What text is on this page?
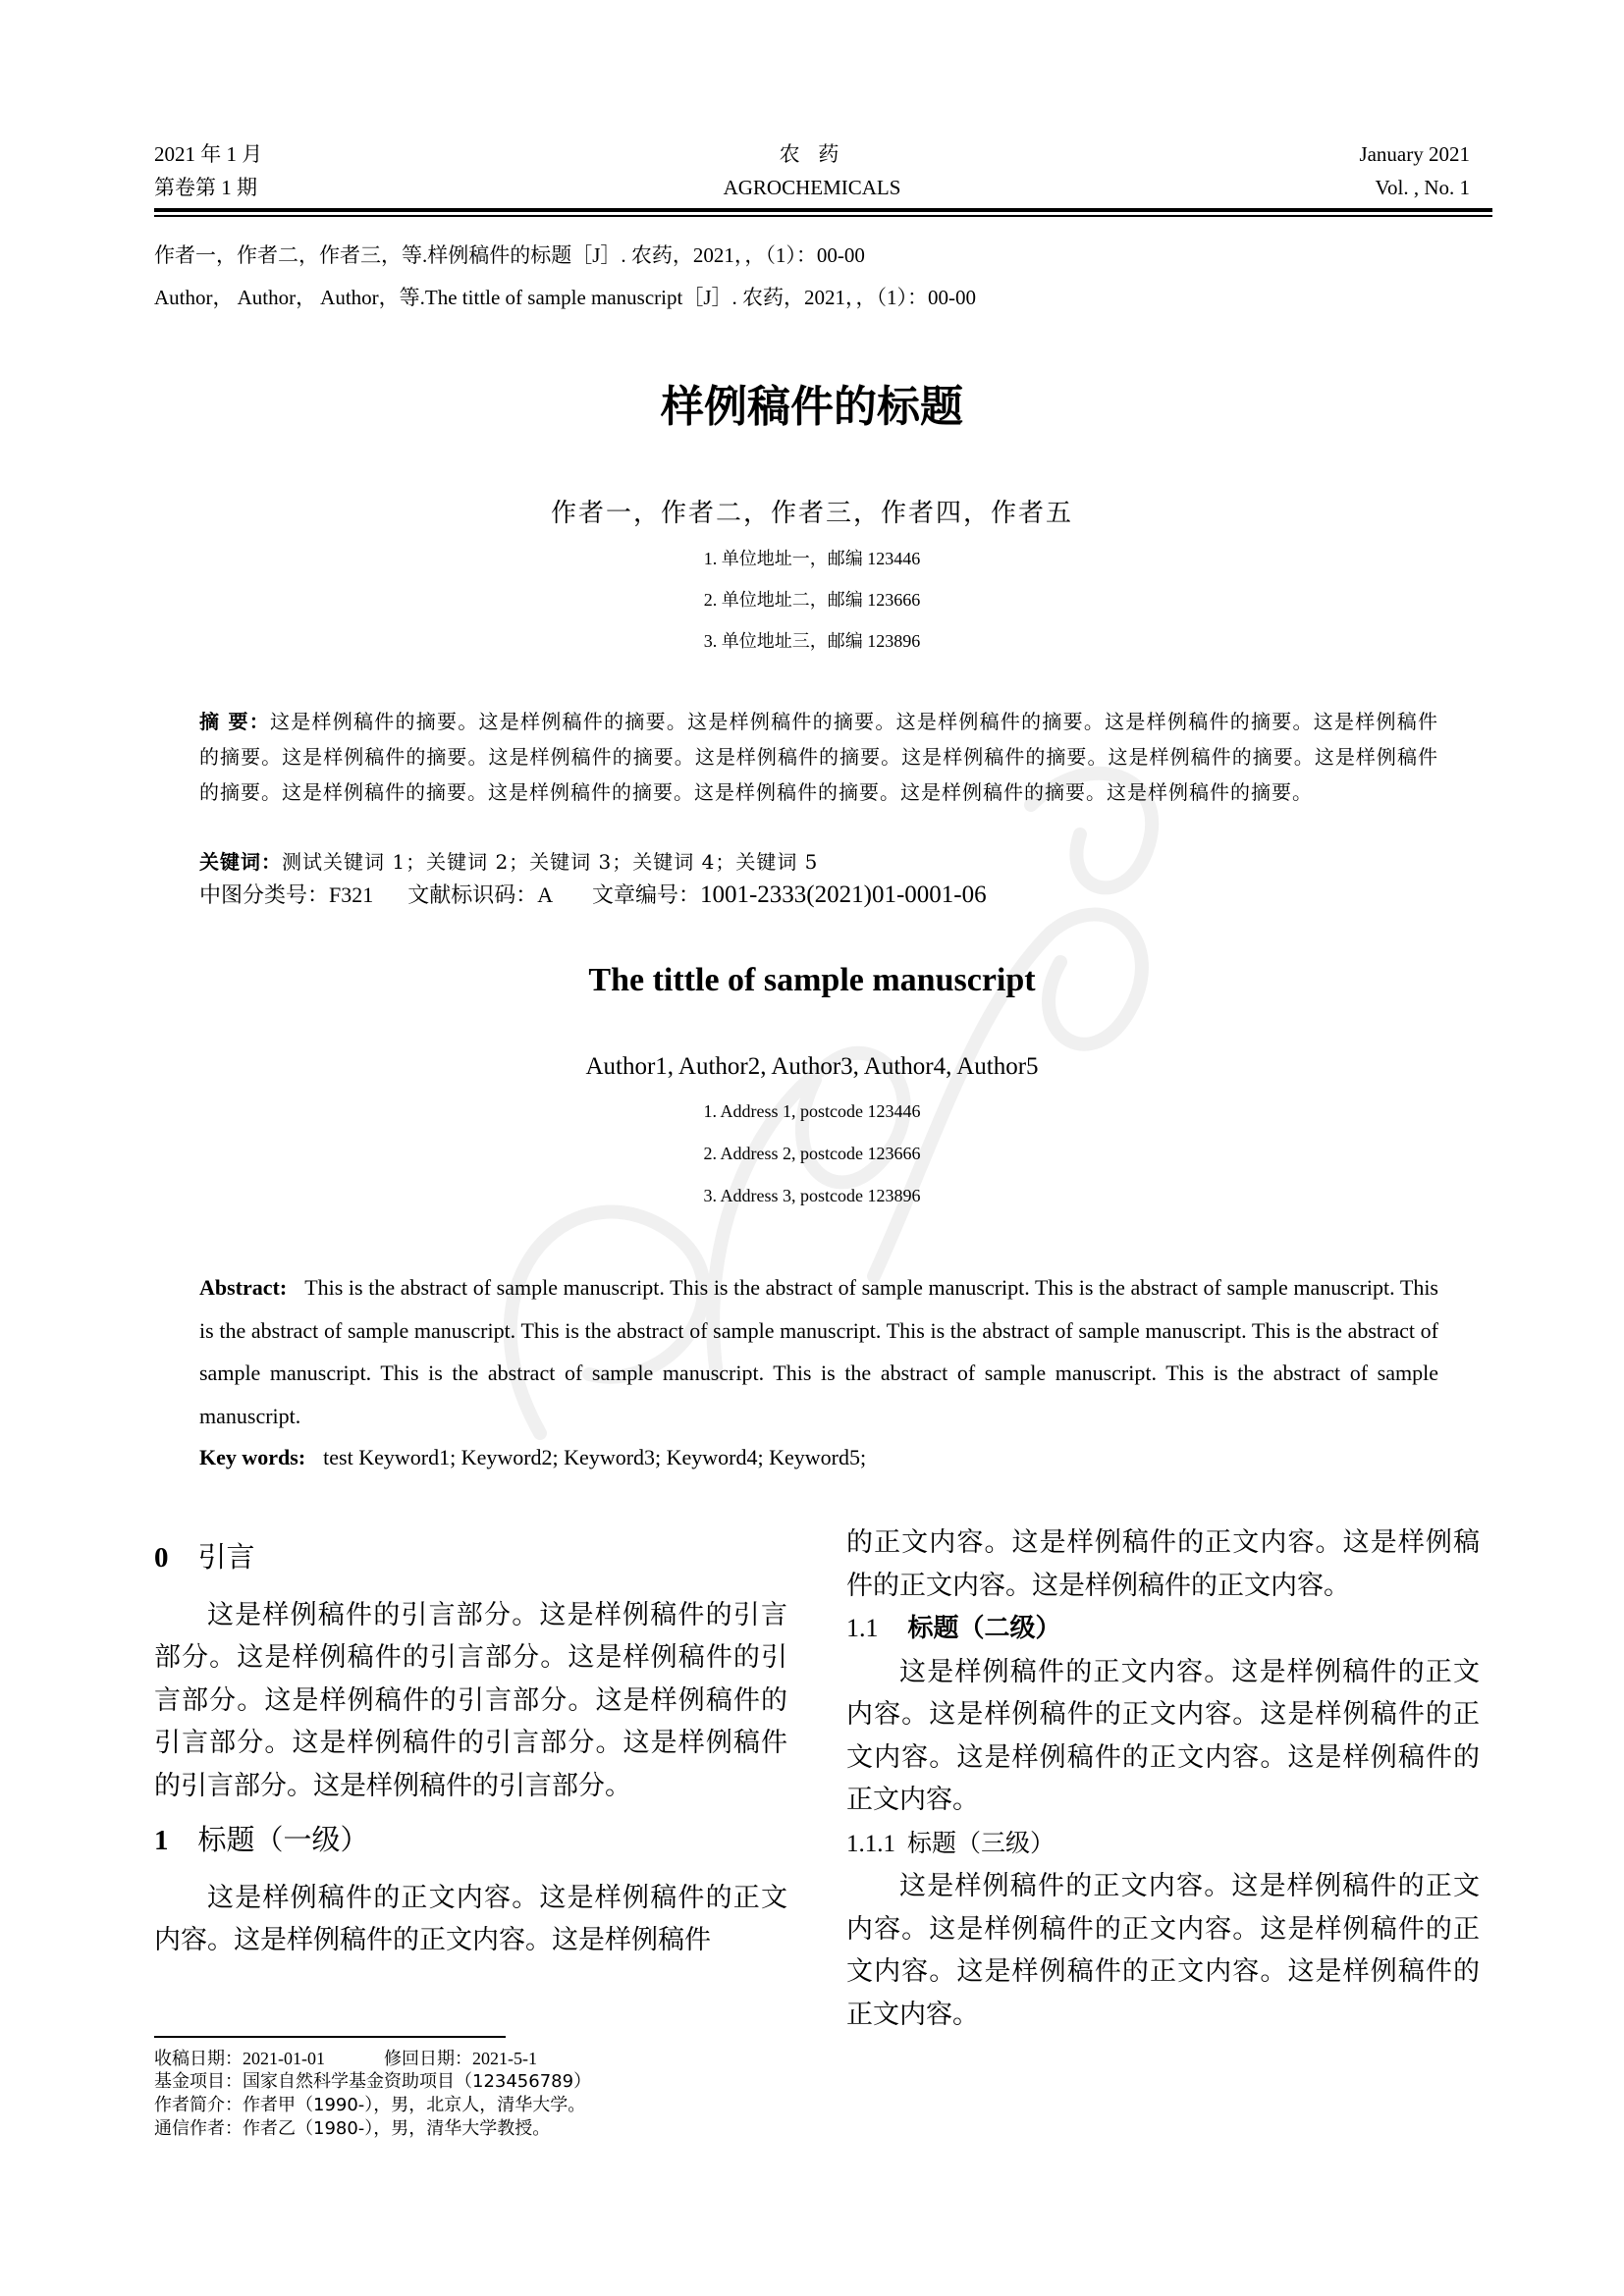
2021 年 1 月
第卷第 1 期
农 药
AGROCHEMICALS
January 2021
Vol. , No. 1
作者一，作者二，作者三，等.样例稿件的标题［J］. 农药，2021，，（1）：00-00
Author， Author， Author，等.The tittle of sample manuscript［J］. 农药，2021，，（1）：00-00
样例稿件的标题
作者一，作者二，作者三，作者四，作者五
1. 单位地址一，邮编 123446
2. 单位地址二，邮编 123666
3. 单位地址三，邮编 123896
摘 要：这是样例稿件的摘要。这是样例稿件的摘要。这是样例稿件的摘要。这是样例稿件的摘要。这是样例稿件的摘要。这是样例稿件的摘要。这是样例稿件的摘要。这是样例稿件的摘要。这是样例稿件的摘要。这是样例稿件的摘要。这是样例稿件的摘要。这是样例稿件的摘要。这是样例稿件的摘要。这是样例稿件的摘要。这是样例稿件的摘要。这是样例稿件的摘要。这是样例稿件的摘要。
关键词：测试关键词 1；关键词 2；关键词 3；关键词 4；关键词 5
中图分类号：F321 文献标识码：A 文章编号：1001-2333(2021)01-0001-06
The tittle of sample manuscript
Author1, Author2, Author3, Author4, Author5
1. Address 1, postcode 123446
2. Address 2, postcode 123666
3. Address 3, postcode 123896
Abstract: This is the abstract of sample manuscript. This is the abstract of sample manuscript. This is the abstract of sample manuscript. This is the abstract of sample manuscript. This is the abstract of sample manuscript. This is the abstract of sample manuscript. This is the abstract of sample manuscript. This is the abstract of sample manuscript. This is the abstract of sample manuscript. This is the abstract of sample manuscript.
Key words: test Keyword1; Keyword2; Keyword3; Keyword4; Keyword5;
0 引言
这是样例稿件的引言部分。这是样例稿件的引言部分。这是样例稿件的引言部分。这是样例稿件的引言部分。这是样例稿件的引言部分。这是样例稿件的引言部分。这是样例稿件的引言部分。这是样例稿件的引言部分。这是样例稿件的引言部分。
1 标题（一级）
这是样例稿件的正文内容。这是样例稿件的正文内容。这是样例稿件的正文内容。这是样例稿件
的正文内容。这是样例稿件的正文内容。这是样例稿件的正文内容。这是样例稿件的正文内容。
1.1 标题（二级）
这是样例稿件的正文内容。这是样例稿件的正文内容。这是样例稿件的正文内容。这是样例稿件的正文内容。这是样例稿件的正文内容。这是样例稿件的正文内容。
1.1.1 标题（三级）
这是样例稿件的正文内容。这是样例稿件的正文内容。这是样例稿件的正文内容。这是样例稿件的正文内容。这是样例稿件的正文内容。这是样例稿件的正文内容。
收稿日期：2021-01-01	修回日期：2021-5-1
基金项目：国家自然科学基金资助项目（123456789）
作者简介：作者甲（1990-），男，北京人，清华大学。
通信作者：作者乙（1980-），男，清华大学教授。
